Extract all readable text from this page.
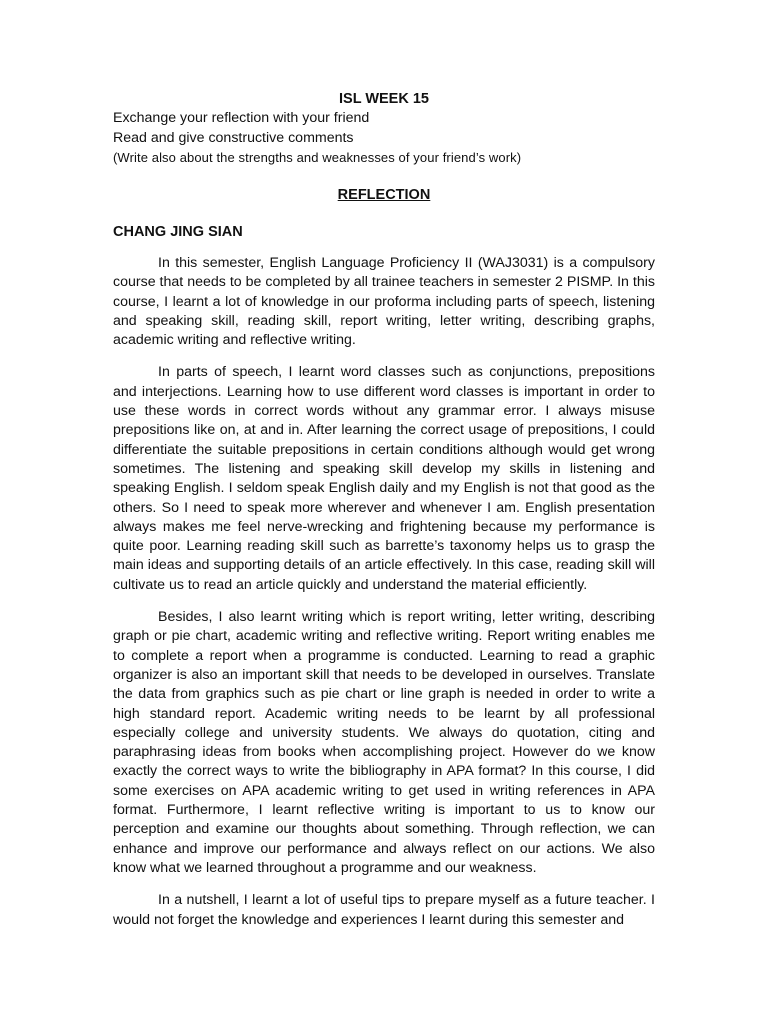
ISL WEEK 15

Exchange your reflection with your friend

Read and give constructive comments

(Write also about the strengths and weaknesses of your friend’s work)

REFLECTION

CHANG JING SIAN

In this semester, English Language Proficiency II (WAJ3031) is a compulsory course that needs to be completed by all trainee teachers in semester 2 PISMP. In this course, I learnt a lot of knowledge in our proforma including parts of speech, listening and speaking skill, reading skill, report writing, letter writing, describing graphs, academic writing and reflective writing.

In parts of speech, I learnt word classes such as conjunctions, prepositions and interjections. Learning how to use different word classes is important in order to use these words in correct words without any grammar error. I always misuse prepositions like on, at and in. After learning the correct usage of prepositions, I could differentiate the suitable prepositions in certain conditions although would get wrong sometimes. The listening and speaking skill develop my skills in listening and speaking English. I seldom speak English daily and my English is not that good as the others. So I need to speak more wherever and whenever I am. English presentation always makes me feel nerve-wrecking and frightening because my performance is quite poor. Learning reading skill such as barrette’s taxonomy helps us to grasp the main ideas and supporting details of an article effectively. In this case, reading skill will cultivate us to read an article quickly and understand the material efficiently.

Besides, I also learnt writing which is report writing, letter writing, describing graph or pie chart, academic writing and reflective writing. Report writing enables me to complete a report when a programme is conducted. Learning to read a graphic organizer is also an important skill that needs to be developed in ourselves. Translate the data from graphics such as pie chart or line graph is needed in order to write a high standard report. Academic writing needs to be learnt by all professional especially college and university students. We always do quotation, citing and paraphrasing ideas from books when accomplishing project. However do we know exactly the correct ways to write the bibliography in APA format? In this course, I did some exercises on APA academic writing to get used in writing references in APA format. Furthermore, I learnt reflective writing is important to us to know our perception and examine our thoughts about something. Through reflection, we can enhance and improve our performance and always reflect on our actions. We also know what we learned throughout a programme and our weakness.

In a nutshell, I learnt a lot of useful tips to prepare myself as a future teacher. I would not forget the knowledge and experiences I learnt during this semester and
